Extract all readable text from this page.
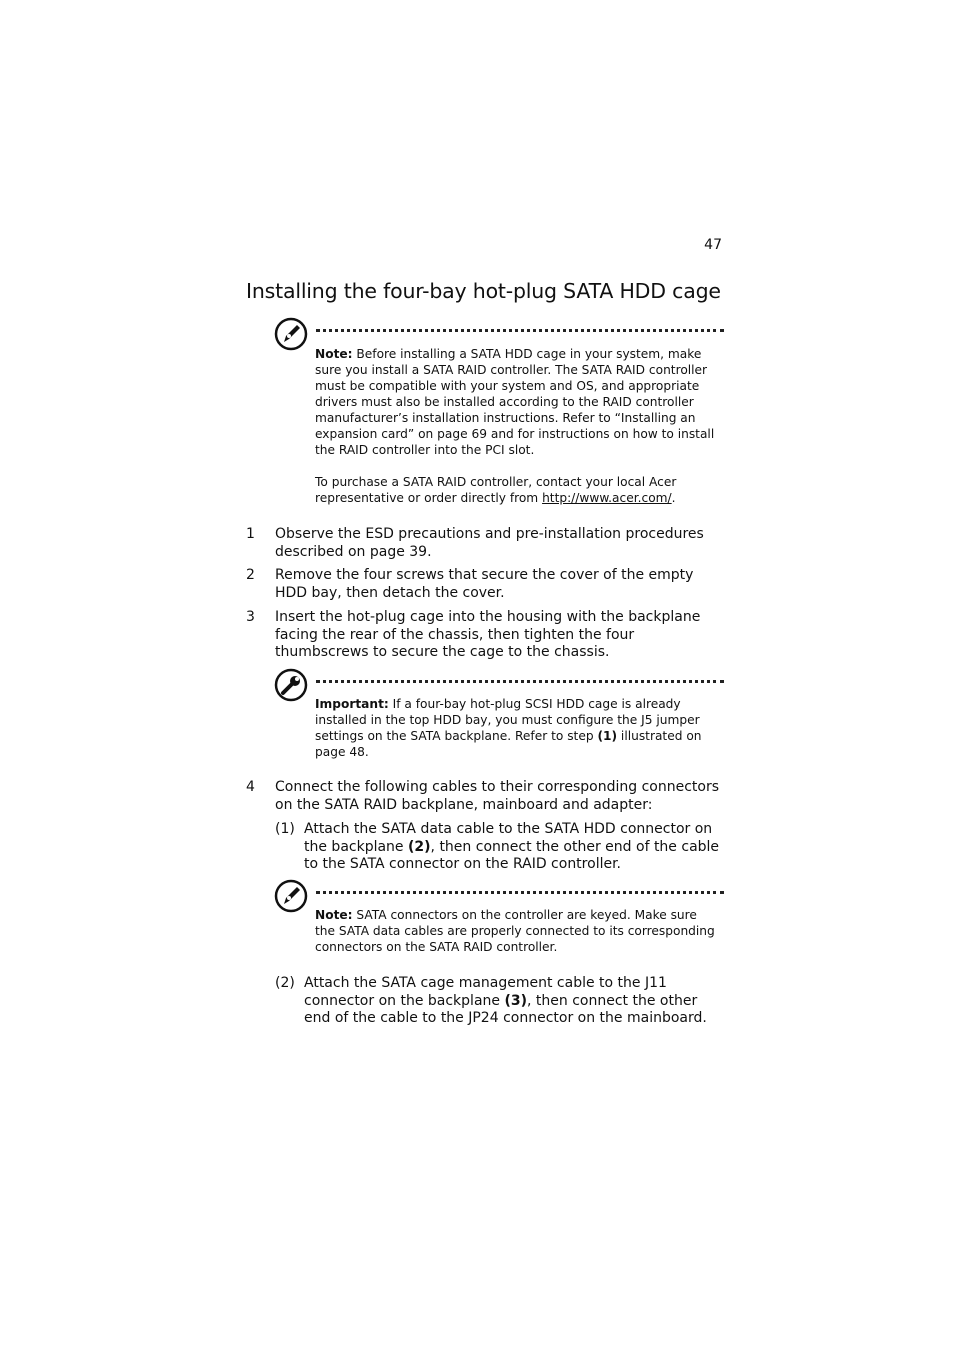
47
Installing the four-bay hot-plug SATA HDD cage

Note: Before installing a SATA HDD cage in your system, make sure you install a SATA RAID controller. The SATA RAID controller must be compatible with your system and OS, and appropriate drivers must also be installed according to the RAID controller manufacturer’s installation instructions. Refer to “Installing an expansion card” on page 69 and for instructions on how to install the RAID controller into the PCI slot.

To purchase a SATA RAID controller, contact your local Acer representative or order directly from http://www.acer.com/.

1 Observe the ESD precautions and pre-installation procedures described on page 39.
2 Remove the four screws that secure the cover of the empty HDD bay, then detach the cover.
3 Insert the hot-plug cage into the housing with the backplane facing the rear of the chassis, then tighten the four thumbscrews to secure the cage to the chassis.

Important: If a four-bay hot-plug SCSI HDD cage is already installed in the top HDD bay, you must configure the J5 jumper settings on the SATA backplane. Refer to step (1) illustrated on page 48.

4 Connect the following cables to their corresponding connectors on the SATA RAID backplane, mainboard and adapter:
(1) Attach the SATA data cable to the SATA HDD connector on the backplane (2), then connect the other end of the cable to the SATA connector on the RAID controller.

Note: SATA connectors on the controller are keyed. Make sure the SATA data cables are properly connected to its corresponding connectors on the SATA RAID controller.

(2) Attach the SATA cage management cable to the J11 connector on the backplane (3), then connect the other end of the cable to the JP24 connector on the mainboard.
